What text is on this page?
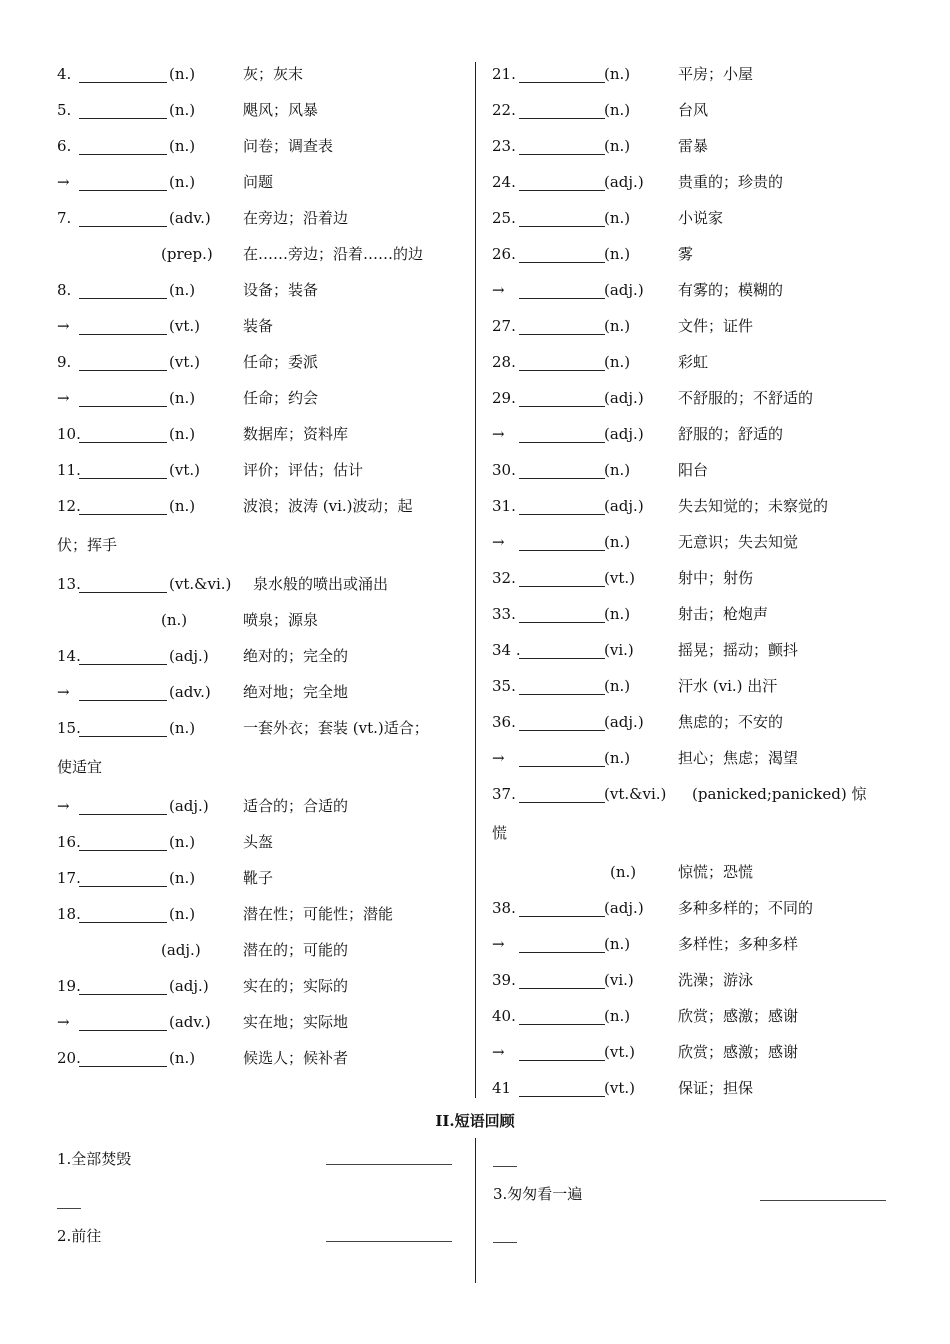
4.	(n.)	灰；灰末
5.	(n.)	飓风；风暴
6.	(n.)	问卷；调查表
→	(n.)	问题
7.	(adv.) 在旁边；沿着边
(prep.) 在……旁边；沿着……的边
8.	(n.)	设备；装备
→	(vt.)	装备
9.	(vt.)	任命；委派
→	(n.)	任命；约会
10.	(n.)	数据库；资料库
11.	(vt.)	评价；评估；估计
12.	(n.)	波浪；波涛 (vi.)波动；起
伏；挥手
13.	(vt.&vi.) 泉水般的喷出或涌出
(n.)	喷泉；源泉
14.	(adj.) 绝对的；完全的
→	(adv.) 绝对地；完全地
15.	(n.)	一套外衣；套装 (vt.)适合；
使适宜
→	(adj.) 适合的；合适的
16.	(n.)	头盔
17.	(n.)	靴子
18.	(n.)	潜在性；可能性；潜能
(adj.)	潜在的；可能的
19.	(adj.) 实在的；实际的
→	(adv.) 实在地；实际地
20.	(n.)	候选人；候补者
21.	(n.)	平房；小屋
22.	(n.)	台风
23.	(n.)	雷暴
24.	(adj.) 贵重的；珍贵的
25.	(n.)	小说家
26.	(n.)	雾
→	(adj.) 有雾的；模糊的
27.	(n.)	文件；证件
28.	(n.)	彩虹
29.	(adj.) 不舒服的；不舒适的
→	(adj.) 舒服的；舒适的
30.	(n.)	阳台
31.	(adj.) 失去知觉的；未察觉的
→	(n.)	无意识；失去知觉
32.	(vt.)	射中；射伤
33.	(n.)	射击；枪炮声
34 .	(vi.)	摇晃；摇动；颤抖
35.	(n.)	汗水 (vi.) 出汗
36.	(adj.) 焦虑的；不安的
→	(n.)	担心；焦虑；渴望
37.	(vt.&vi.) (panicked;panicked) 惊
慌
(n.)	惊慌；恐慌
38.	(adj.) 多种多样的；不同的
→	(n.)	多样性；多种多样
39.	(vi.)	洗澡；游泳
40.	(n.)	欣赏；感激；感谢
→	(vt.)	欣赏；感激；感谢
41	(vt.)	保证；担保
II.短语回顾
1.全部焚毁
2.前往
3.匆匆看一遍
